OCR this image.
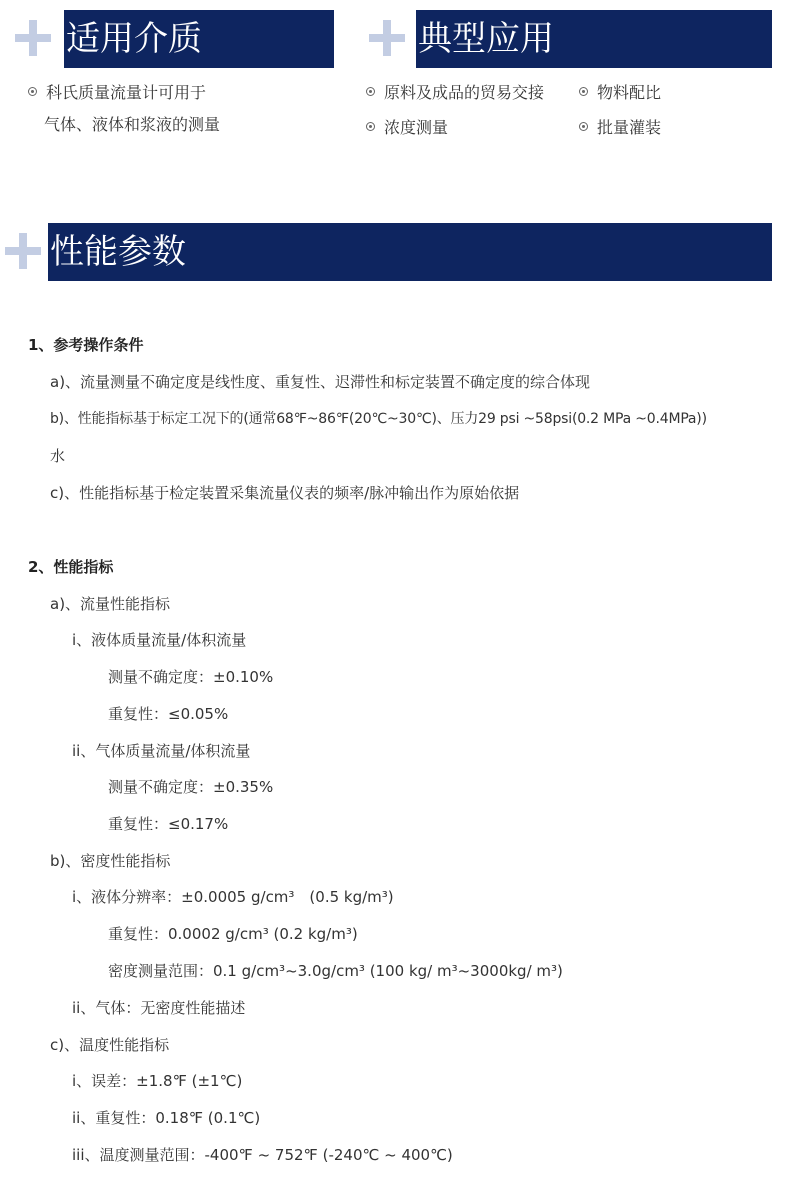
适用介质
科氏质量流量计可用于
气体、液体和浆液的测量
典型应用
原料及成品的贸易交接	物料配比
浓度测量	批量灌装
性能参数
1、参考操作条件
a)、流量测量不确定度是线性度、重复性、迟滞性和标定装置不确定度的综合体现
b)、性能指标基于标定工况下的(通常68℉~86℉(20℃~30℃)、压力29 psi ~58psi(0.2 MPa ~0.4MPa))
水
c)、性能指标基于检定装置采集流量仪表的频率/脉冲输出作为原始依据
2、性能指标
a)、流量性能指标
i、液体质量流量/体积流量
测量不确定度：±0.10%
重复性：≤0.05%
ii、气体质量流量/体积流量
测量不确定度：±0.35%
重复性：≤0.17%
b)、密度性能指标
i、液体分辨率：±0.0005 g/cm³　(0.5 kg/m³)
重复性：0.0002 g/cm³ (0.2 kg/m³)
密度测量范围：0.1 g/cm³~3.0g/cm³ (100 kg/ m³~3000kg/ m³)
ii、气体：无密度性能描述
c)、温度性能指标
i、误差：±1.8℉ (±1℃)
ii、重复性：0.18℉ (0.1℃)
iii、温度测量范围：-400℉ ~ 752℉ (-240℃ ~ 400℃)
